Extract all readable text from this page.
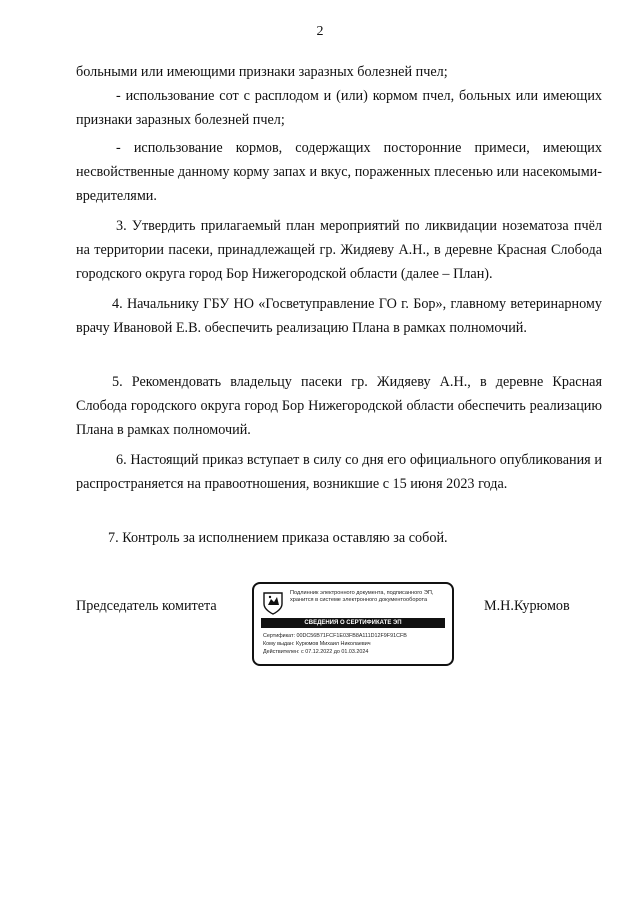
2

больными или имеющими признаки заразных болезней пчел;

- использование сот с расплодом и (или) кормом пчел, больных или имеющих признаки заразных болезней пчел;

- использование кормов, содержащих посторонние примеси, имеющих несвойственные данному корму запах и вкус, пораженных плесенью или насекомыми-вредителями.

3. Утвердить прилагаемый план мероприятий по ликвидации нозематоза пчёл на территории пасеки, принадлежащей гр. Жидяеву А.Н., в деревне Красная Слобода городского округа город Бор Нижегородской области (далее – План).

4. Начальнику ГБУ НО «Госветуправление ГО г. Бор», главному ветеринарному врачу Ивановой Е.В. обеспечить реализацию Плана в рамках полномочий.

5. Рекомендовать владельцу пасеки гр. Жидяеву А.Н., в деревне Красная Слобода городского округа город Бор Нижегородской области обеспечить реализацию Плана в рамках полномочий.

6. Настоящий приказ вступает в силу со дня его официального опубликования и распространяется на правоотношения, возникшие с 15 июня 2023 года.

7. Контроль за исполнением приказа оставляю за собой.

Председатель комитета	М.Н.Курюмов
Подлинник электронного документа, подписанного ЭП, хранится в системе электронного документооборота
СВЕДЕНИЯ О СЕРТИФИКАТЕ ЭП
Сертификат: 00DC56B71FCF1E03FB8A111D12F9F91CFB
Кому выдан: Курюмов Михаил Николаевич
Действителен: с 07.12.2022 до 01.03.2024
